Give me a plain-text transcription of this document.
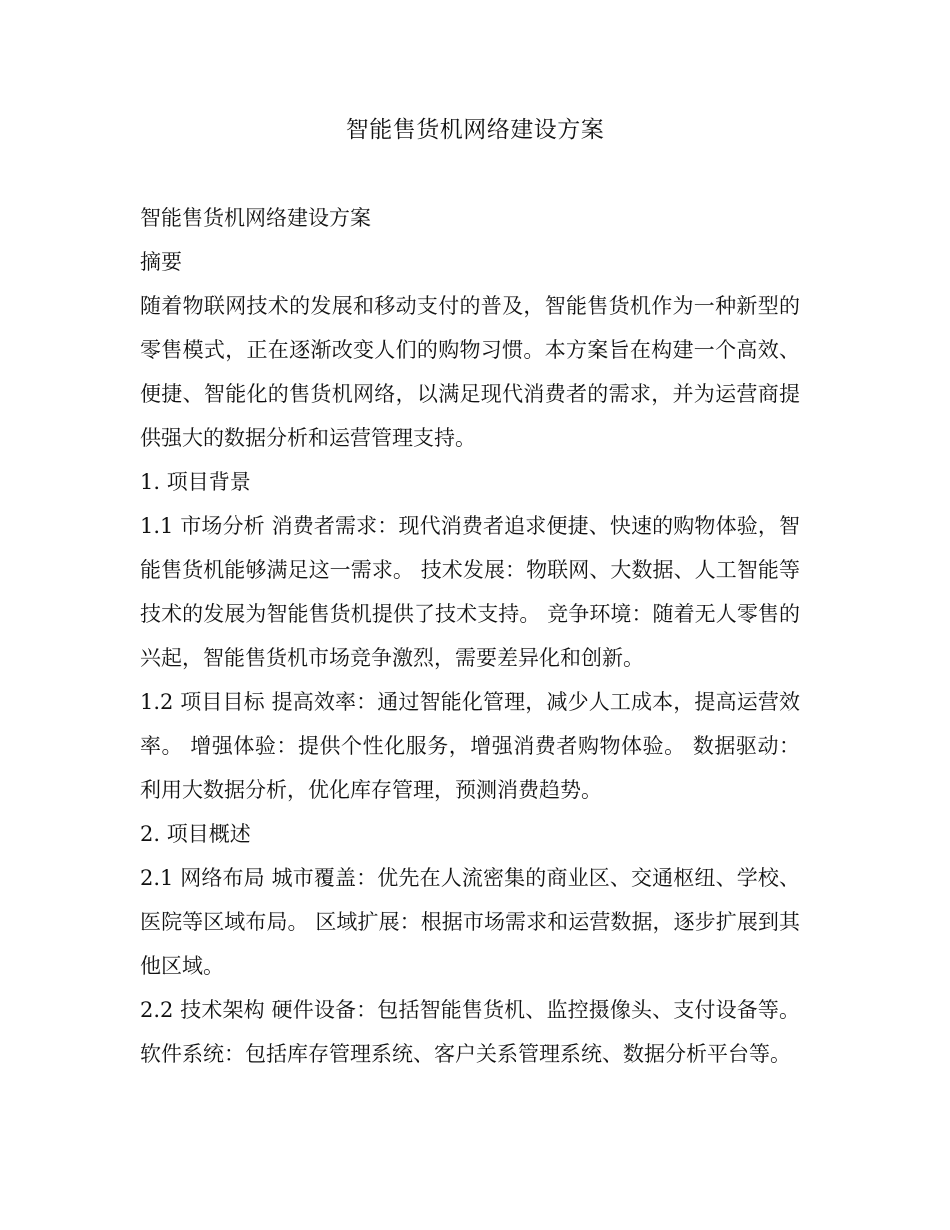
智能售货机网络建设方案

智能售货机网络建设方案

摘要

随着物联网技术的发展和移动支付的普及，智能售货机作为一种新型的零售模式，正在逐渐改变人们的购物习惯。本方案旨在构建一个高效、便捷、智能化的售货机网络，以满足现代消费者的需求，并为运营商提供强大的数据分析和运营管理支持。

1. 项目背景

1.1 市场分析 消费者需求：现代消费者追求便捷、快速的购物体验，智能售货机能够满足这一需求。 技术发展：物联网、大数据、人工智能等技术的发展为智能售货机提供了技术支持。 竞争环境：随着无人零售的兴起，智能售货机市场竞争激烈，需要差异化和创新。

1.2 项目目标 提高效率：通过智能化管理，减少人工成本，提高运营效率。 增强体验：提供个性化服务，增强消费者购物体验。 数据驱动：利用大数据分析，优化库存管理，预测消费趋势。

2. 项目概述

2.1 网络布局 城市覆盖：优先在人流密集的商业区、交通枢纽、学校、医院等区域布局。 区域扩展：根据市场需求和运营数据，逐步扩展到其他区域。

2.2 技术架构 硬件设备：包括智能售货机、监控摄像头、支付设备等。 软件系统：包括库存管理系统、客户关系管理系统、数据分析平台等。
